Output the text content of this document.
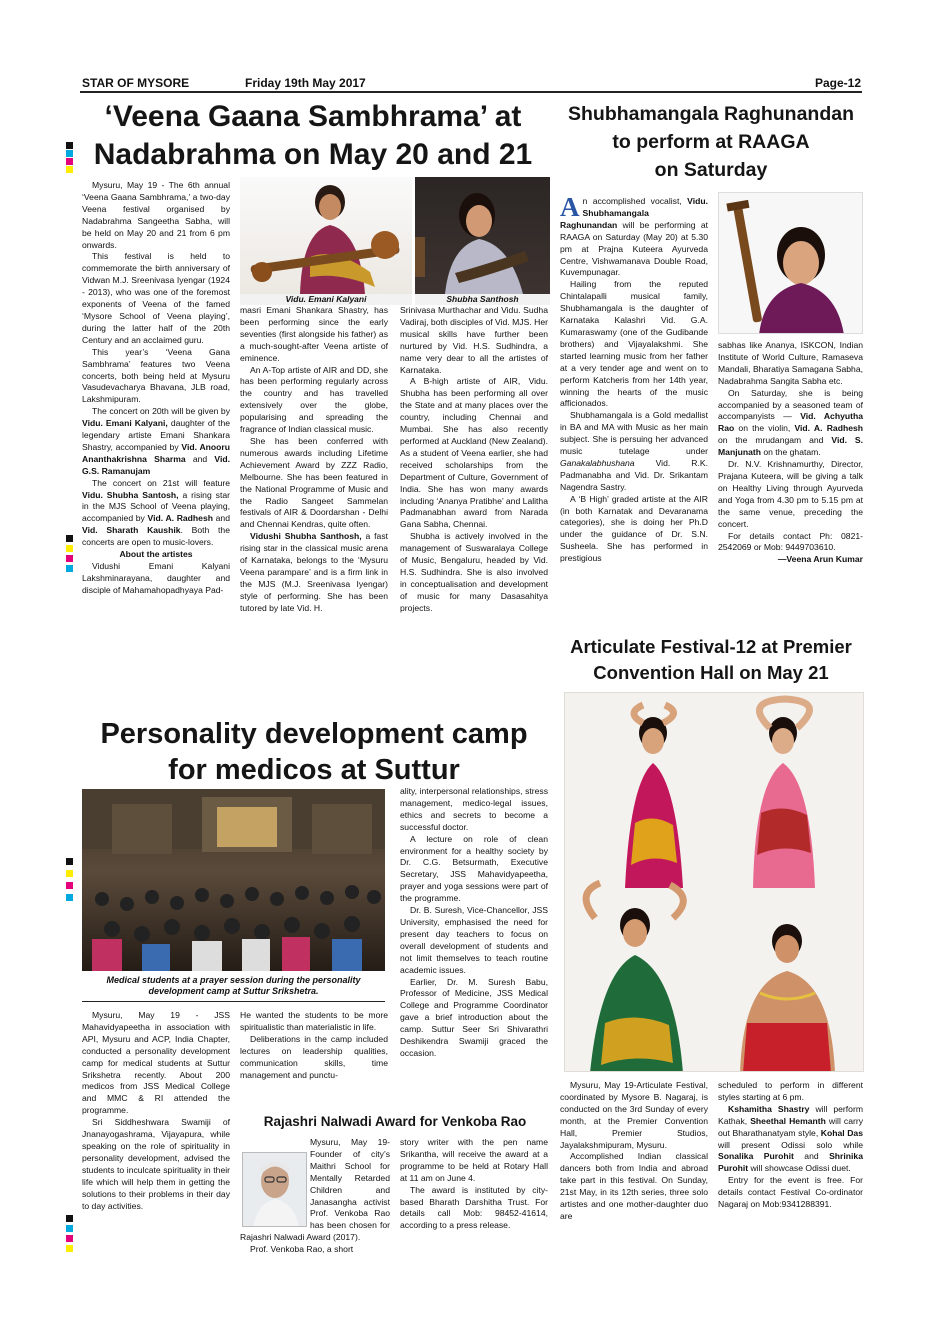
STAR OF MYSORE	Friday 19th May 2017	Page-12
‘Veena Gaana Sambhrama’ at
Nadabrahma on May 20 and 21

Mysuru, May 19 - The 6th annual ‘Veena Gaana Sambhrama,’ a two-day Veena festival organised by Nadabrahma Sangeetha Sabha, will be held on May 20 and 21 from 6 pm onwards.

This festival is held to commemorate the birth anniversary of Vidwan M.J. Sreenivasa Iyengar (1924 - 2013), who was one of the foremost exponents of Veena of the famed ‘Mysore School of Veena playing’, during the latter half of the 20th Century and an acclaimed guru.

This year’s ‘Veena Gana Sambhrama’ features two Veena concerts, both being held at Mysuru Vasudevacharya Bhavana, JLB road, Lakshmipuram.

The concert on 20th will be given by Vidu. Emani Kalyani, daughter of the legendary artiste Emani Shankara Shastry, accompanied by Vid. Anooru Ananthakrishna Sharma and Vid. G.S. Ramanujam

The concert on 21st will feature Vidu. Shubha Santosh, a rising star in the MJS School of Veena playing, accompanied by Vid. A. Radhesh and Vid. Sharath Kaushik. Both the concerts are open to music-lovers.

About the artistes

Vidushi Emani Kalyani Lakshminarayana, daughter and disciple of Mahamahopadhyaya Pad-

Vidu. Emani Kalyani	Shubha Santhosh

masri Emani Shankara Shastry, has been performing since the early seventies (first alongside his father) as a much-sought-after Veena artiste of eminence.

An A-Top artiste of AIR and DD, she has been performing regularly across the country and has travelled extensively over the globe, popularising and spreading the fragrance of Indian classical music.

She has been conferred with numerous awards including Lifetime Achievement Award by ZZZ Radio, Melbourne. She has been featured in the National Programme of Music and the Radio Sangeet Sammelan festivals of AIR & Doordarshan - Delhi and Chennai Kendras, quite often.

Vidushi Shubha Santhosh, a fast rising star in the classical music arena of Karnataka, belongs to the ‘Mysuru Veena parampare’ and is a firm link in the MJS (M.J. Sreenivasa Iyengar) style of performing. She has been tutored by late Vid. H.

Srinivasa Murthachar and Vidu. Sudha Vadiraj, both disciples of Vid. MJS. Her musical skills have further been nurtured by Vid. H.S. Sudhindra, a name very dear to all the artistes of Karnataka.

A B-high artiste of AIR, Vidu. Shubha has been performing all over the State and at many places over the country, including Chennai and Mumbai. She has also recently performed at Auckland (New Zealand). As a student of Veena earlier, she had received scholarships from the Department of Culture, Government of India. She has won many awards including ‘Ananya Pratibhe’ and Lalitha Padmanabhan award from Narada Gana Sabha, Chennai.

Shubha is actively involved in the management of Suswaralaya College of Music, Bengaluru, headed by Vid. H.S. Sudhindra. She is also involved in conceptualisation and development of music for many Dasasahitya projects.

Shubhamangala Raghunandan
to perform at RAAGA
on Saturday

An accomplished vocalist, Vidu. Shubhamangala Raghunandan will be performing at RAAGA on Saturday (May 20) at 5.30 pm at Prajna Kuteera Ayurveda Centre, Vishwamanava Double Road, Kuvempunagar.

Hailing from the reputed Chintalapalli musical family, Shubhamangala is the daughter of Karnataka Kalashri Vid. G.A. Kumaraswamy (one of the Gudibande brothers) and Vijayalakshmi. She started learning music from her father at a very tender age and went on to perform Katcheris from her 14th year, winning the hearts of the music afficionados.

Shubhamangala is a Gold medallist in BA and MA with Music as her main subject. She is persuing her advanced music tutelage under Ganakalabhushana Vid. R.K. Padmanabha and Vid. Dr. Srikantam Nagendra Sastry.

A ‘B High’ graded artiste at the AIR (in both Karnatak and Devaranama categories), she is doing her Ph.D under the guidance of Dr. S.N. Susheela. She has performed in prestigious

sabhas like Ananya, ISKCON, Indian Institute of World Culture, Ramaseva Mandali, Bharatiya Samagana Sabha, Nadabrahma Sangita Sabha etc.

On Saturday, she is being accompanied by a seasoned team of accompanyists — Vid. Achyutha Rao on the violin, Vid. A. Radhesh on the mrudangam and Vid. S. Manjunath on the ghatam.

Dr. N.V. Krishnamurthy, Director, Prajana Kuteera, will be giving a talk on Healthy Living through Ayurveda and Yoga from 4.30 pm to 5.15 pm at the same venue, preceding the concert.

For details contact Ph: 0821-2542069 or Mob: 9449703610.

—Veena Arun Kumar

Articulate Festival-12 at Premier
Convention Hall on May 21

Mysuru, May 19-Articulate Festival, coordinated by Mysore B. Nagaraj, is conducted on the 3rd Sunday of every month, at the Premier Convention Hall, Premier Studios, Jayalakshmipuram, Mysuru.

Accomplished Indian classical dancers both from India and abroad take part in this festival. On Sunday, 21st May, in its 12th series, three solo artistes and one mother-daughter duo are

scheduled to perform in different styles starting at 6 pm.

Kshamitha Shastry will perform Kathak, Sheethal Hemanth will carry out Bharathanatyam style, Kohal Das will present Odissi solo while Sonalika Purohit and Shrinika Purohit will showcase Odissi duet.

Entry for the event is free. For details contact Festival Co-ordinator Nagaraj on Mob:9341288391.

Personality development camp
for medicos at Suttur
Medical students at a prayer session during the personality
development camp at Suttur Srikshetra.

ality, interpersonal relationships, stress management, medico-legal issues, ethics and secrets to become a successful doctor.

A lecture on role of clean environment for a healthy society by Dr. C.G. Betsurmath, Executive Secretary, JSS Mahavidyapeetha, prayer and yoga sessions were part of the programme.

Dr. B. Suresh, Vice-Chancellor, JSS University, emphasised the need for present day teachers to focus on overall development of students and not limit themselves to teach routine academic issues.

Earlier, Dr. M. Suresh Babu, Professor of Medicine, JSS Medical College and Programme Coordinator gave a brief introduction about the camp. Suttur Seer Sri Shivarathri Deshikendra Swamiji graced the occasion.

Mysuru, May 19 - JSS Mahavidyapeetha in association with API, Mysuru and ACP, India Chapter, conducted a personality development camp for medical students at Suttur Srikshetra recently. About 200 medicos from JSS Medical College and MMC & RI attended the programme.

Sri Siddheshwara Swamiji of Jnanayogashrama, Vijayapura, while speaking on the role of spirituality in personality development, advised the students to inculcate spirituality in their life which will help them in getting the solutions to their problems in their day to day activities.

He wanted the students to be more spiritualistic than materialistic in life.

Deliberations in the camp included lectures on leadership qualities, communication skills, time management and punctu-

Rajashri Nalwadi Award for Venkoba Rao

Mysuru, May 19-Founder of city’s Maithri School for Mentally Retarded Children and Janasangha activist Prof. Venkoba Rao has been chosen for Rajashri Nalwadi Award (2017).

Prof. Venkoba Rao, a short

story writer with the pen name Srikantha, will receive the award at a programme to be held at Rotary Hall at 11 am on June 4.

The award is instituted by city-based Bharath Darshitha Trust. For details call Mob: 98452-41614, according to a press release.
